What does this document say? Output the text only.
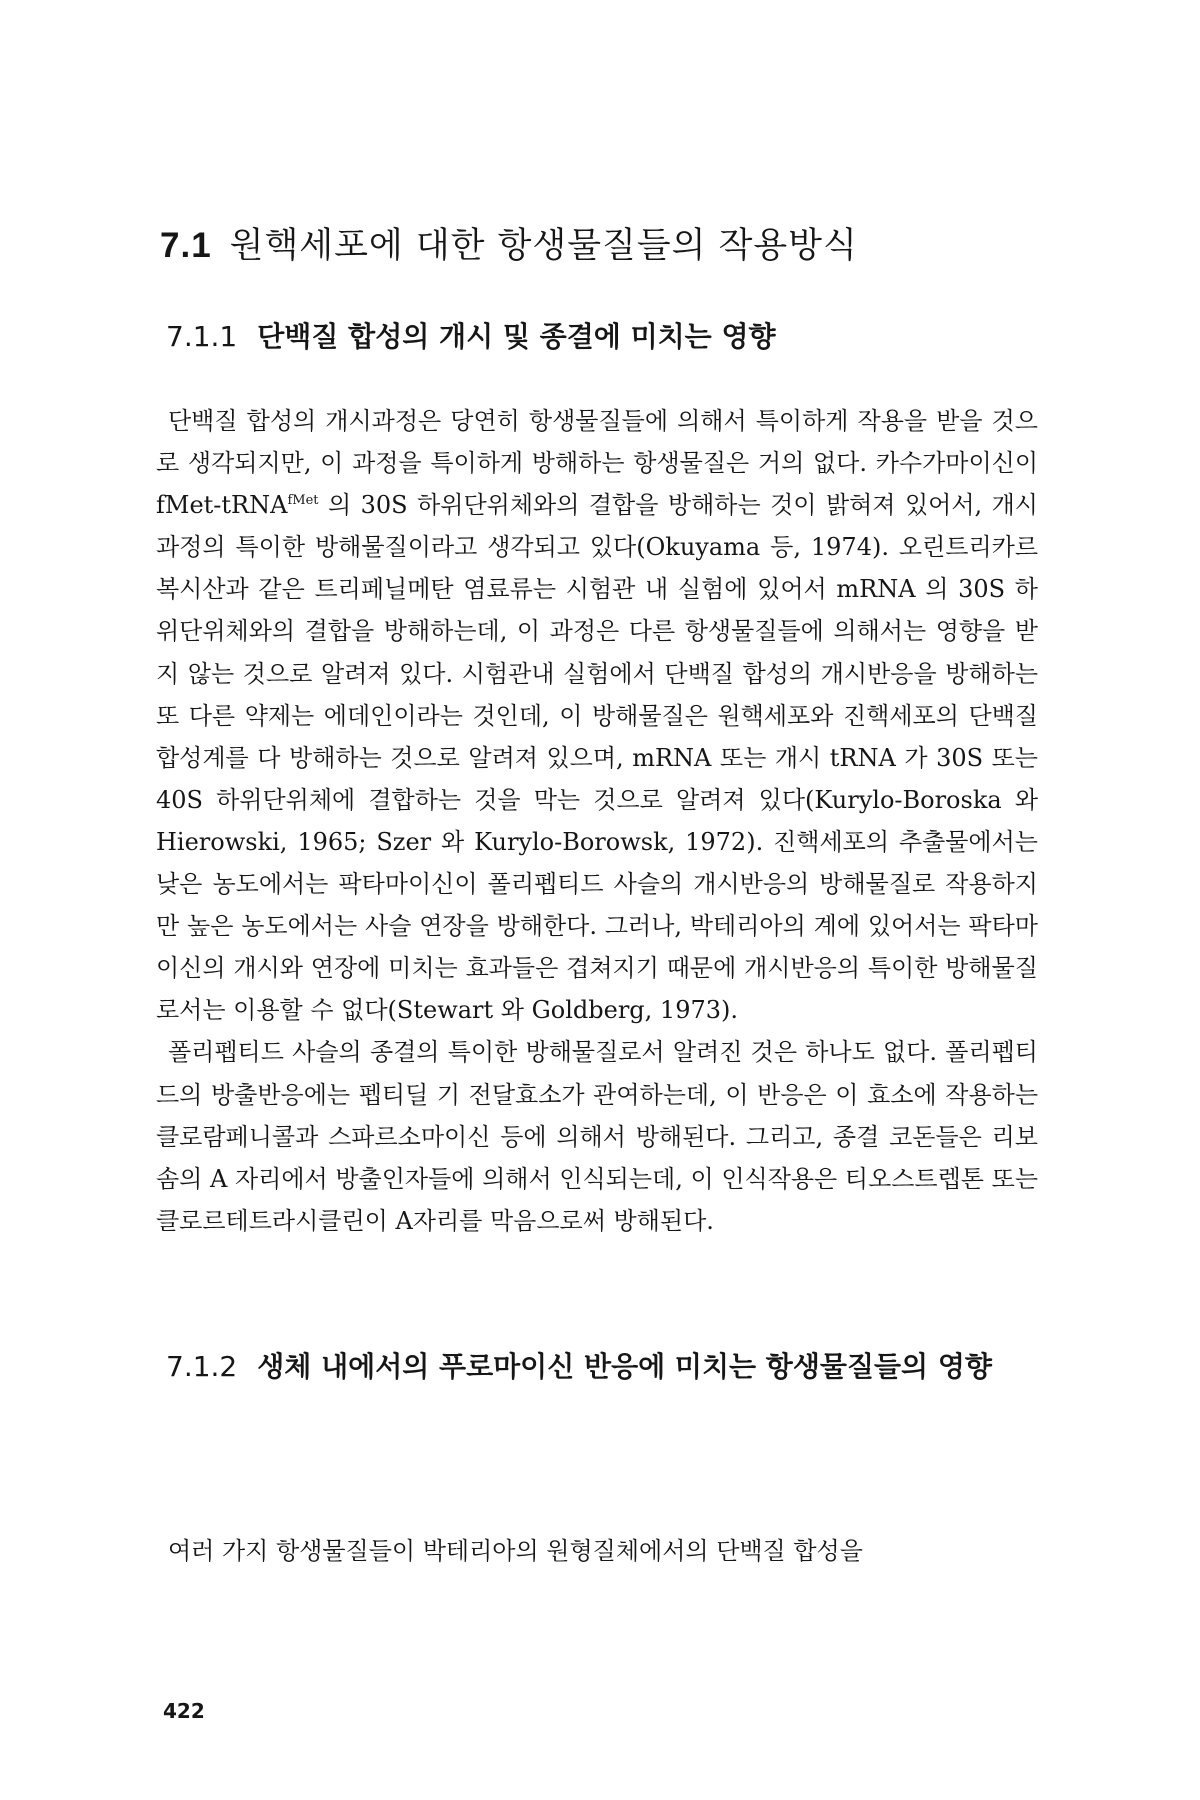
7.1 원핵세포에 대한 항생물질들의 작용방식
7.1.1 단백질 합성의 개시 및 종결에 미치는 영향

단백질 합성의 개시과정은 당연히 항생물질들에 의해서 특이하게 작용을 받을 것으로 생각되지만, 이 과정을 특이하게 방해하는 항생물질은 거의 없다. 카수가마이신이 fMet-tRNA$^{fMet}$ 의 30S 하위단위체와의 결합을 방해하는 것이 밝혀져 있어서, 개시과정의 특이한 방해물질이라고 생각되고 있다(Okuyama 등, 1974). 오린트리카르복시산과 같은 트리페닐메탄 염료류는 시험관 내 실험에 있어서 mRNA 의 30S 하위단위체와의 결합을 방해하는데, 이 과정은 다른 항생물질들에 의해서는 영향을 받지 않는 것으로 알려져 있다. 시험관내 실험에서 단백질 합성의 개시반응을 방해하는 또 다른 약제는 에데인이라는 것인데, 이 방해물질은 원핵세포와 진핵세포의 단백질 합성계를 다 방해하는 것으로 알려져 있으며, mRNA 또는 개시 tRNA 가 30S 또는 40S 하위단위체에 결합하는 것을 막는 것으로 알려져 있다(Kurylo-Boroska 와 Hierowski, 1965; Szer 와 Kurylo-Borowsk, 1972). 진핵세포의 추출물에서는 낮은 농도에서는 팍타마이신이 폴리펩티드 사슬의 개시반응의 방해물질로 작용하지만 높은 농도에서는 사슬 연장을 방해한다. 그러나, 박테리아의 계에 있어서는 팍타마이신의 개시와 연장에 미치는 효과들은 겹쳐지기 때문에 개시반응의 특이한 방해물질로서는 이용할 수 없다(Stewart 와 Goldberg, 1973).

폴리펩티드 사슬의 종결의 특이한 방해물질로서 알려진 것은 하나도 없다. 폴리펩티드의 방출반응에는 펩티딜 기 전달효소가 관여하는데, 이 반응은 이 효소에 작용하는 클로람페니콜과 스파르소마이신 등에 의해서 방해된다. 그리고, 종결 코돈들은 리보솜의 A 자리에서 방출인자들에 의해서 인식되는데, 이 인식작용은 티오스트렙톤 또는 클로르테트라시클린이 A자리를 막음으로써 방해된다.

7.1.2 생체 내에서의 푸로마이신 반응에 미치는 항생물질들의 영향

여러 가지 항생물질들이 박테리아의 원형질체에서의 단백질 합성을

422
